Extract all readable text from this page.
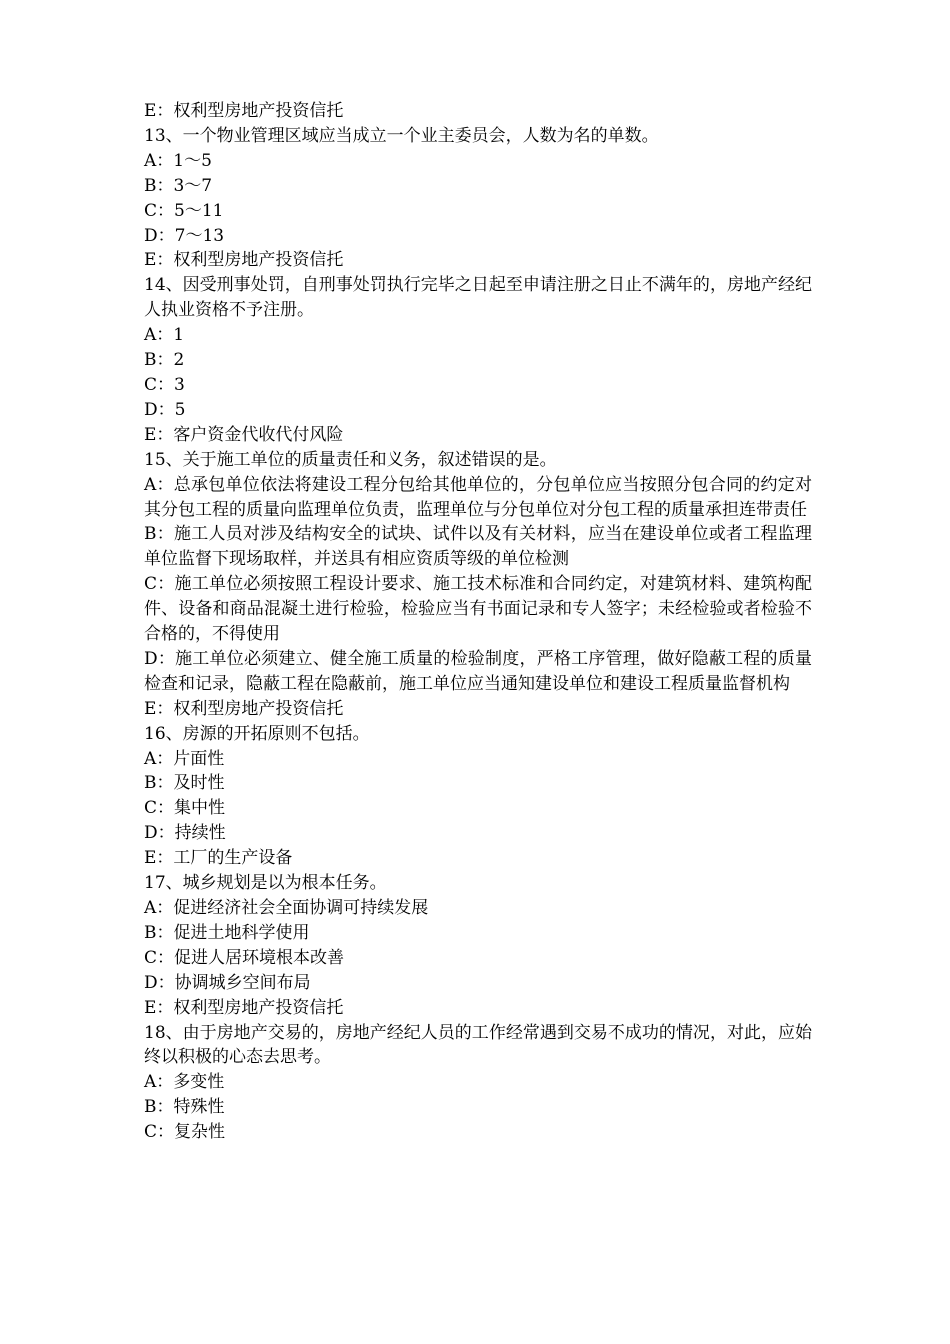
E：权利型房地产投资信托

13、一个物业管理区域应当成立一个业主委员会，人数为名的单数。

A：1～5

B：3～7

C：5～11

D：7～13

E：权利型房地产投资信托

14、因受刑事处罚，自刑事处罚执行完毕之日起至申请注册之日止不满年的，房地产经纪人执业资格不予注册。

A：1

B：2

C：3

D：5

E：客户资金代收代付风险

15、关于施工单位的质量责任和义务，叙述错误的是。

A：总承包单位依法将建设工程分包给其他单位的，分包单位应当按照分包合同的约定对其分包工程的质量向监理单位负责，监理单位与分包单位对分包工程的质量承担连带责任

B：施工人员对涉及结构安全的试块、试件以及有关材料，应当在建设单位或者工程监理单位监督下现场取样，并送具有相应资质等级的单位检测

C：施工单位必须按照工程设计要求、施工技术标准和合同约定，对建筑材料、建筑构配件、设备和商品混凝土进行检验，检验应当有书面记录和专人签字；未经检验或者检验不合格的，不得使用

D：施工单位必须建立、健全施工质量的检验制度，严格工序管理，做好隐蔽工程的质量检查和记录，隐蔽工程在隐蔽前，施工单位应当通知建设单位和建设工程质量监督机构

E：权利型房地产投资信托

16、房源的开拓原则不包括。

A：片面性

B：及时性

C：集中性

D：持续性

E：工厂的生产设备

17、城乡规划是以为根本任务。

A：促进经济社会全面协调可持续发展

B：促进土地科学使用

C：促进人居环境根本改善

D：协调城乡空间布局

E：权利型房地产投资信托

18、由于房地产交易的，房地产经纪人员的工作经常遇到交易不成功的情况，对此，应始终以积极的心态去思考。

A：多变性

B：特殊性

C：复杂性
